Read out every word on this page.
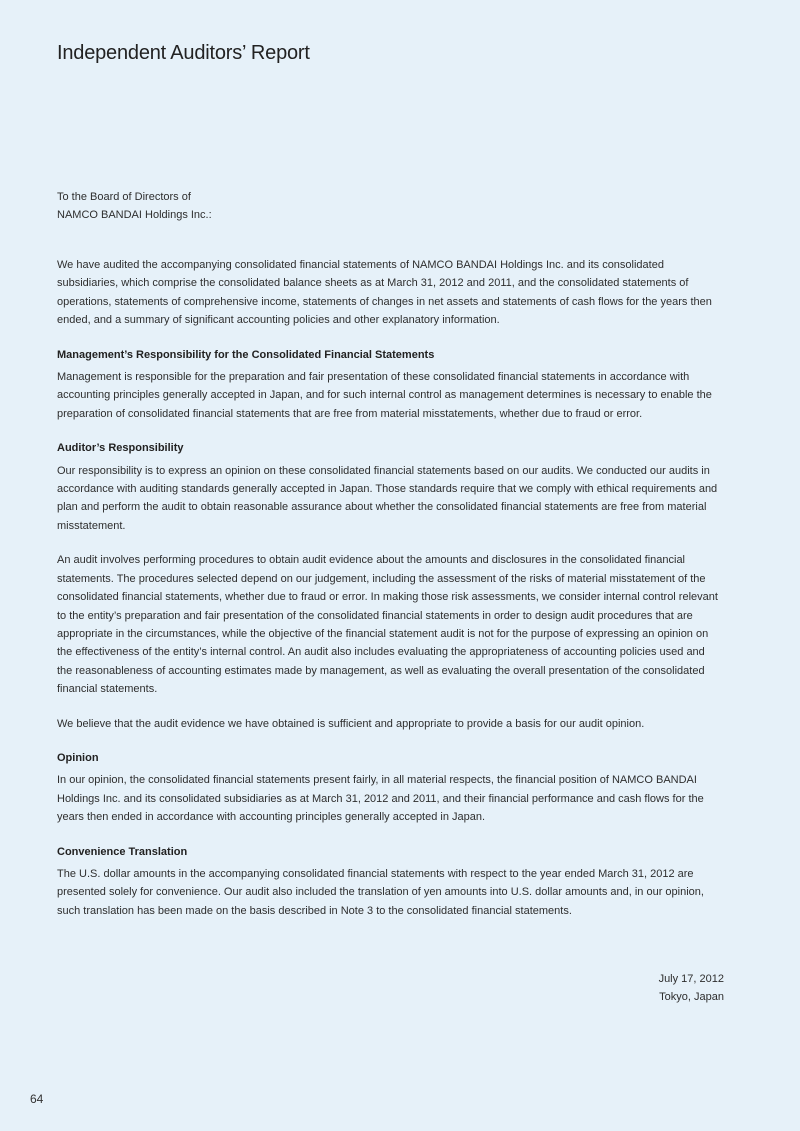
Independent Auditors’ Report
To the Board of Directors of
NAMCO BANDAI Holdings Inc.:

We have audited the accompanying consolidated financial statements of NAMCO BANDAI Holdings Inc. and its consolidated subsidiaries, which comprise the consolidated balance sheets as at March 31, 2012 and 2011, and the consolidated statements of operations, statements of comprehensive income, statements of changes in net assets and statements of cash flows for the years then ended, and a summary of significant accounting policies and other explanatory information.

Management’s Responsibility for the Consolidated Financial Statements

Management is responsible for the preparation and fair presentation of these consolidated financial statements in accordance with accounting principles generally accepted in Japan, and for such internal control as management determines is necessary to enable the preparation of consolidated financial statements that are free from material misstatements, whether due to fraud or error.

Auditor’s Responsibility

Our responsibility is to express an opinion on these consolidated financial statements based on our audits. We conducted our audits in accordance with auditing standards generally accepted in Japan. Those standards require that we comply with ethical requirements and plan and perform the audit to obtain reasonable assurance about whether the consolidated financial statements are free from material misstatement.

An audit involves performing procedures to obtain audit evidence about the amounts and disclosures in the consolidated financial statements. The procedures selected depend on our judgement, including the assessment of the risks of material misstatement of the consolidated financial statements, whether due to fraud or error. In making those risk assessments, we consider internal control relevant to the entity’s preparation and fair presentation of the consolidated financial statements in order to design audit procedures that are appropriate in the circumstances, while the objective of the financial statement audit is not for the purpose of expressing an opinion on the effectiveness of the entity’s internal control. An audit also includes evaluating the appropriateness of accounting policies used and the reasonableness of accounting estimates made by management, as well as evaluating the overall presentation of the consolidated financial statements.

We believe that the audit evidence we have obtained is sufficient and appropriate to provide a basis for our audit opinion.

Opinion

In our opinion, the consolidated financial statements present fairly, in all material respects, the financial position of NAMCO BANDAI Holdings Inc. and its consolidated subsidiaries as at March 31, 2012 and 2011, and their financial performance and cash flows for the years then ended in accordance with accounting principles generally accepted in Japan.

Convenience Translation

The U.S. dollar amounts in the accompanying consolidated financial statements with respect to the year ended March 31, 2012 are presented solely for convenience. Our audit also included the translation of yen amounts into U.S. dollar amounts and, in our opinion, such translation has been made on the basis described in Note 3 to the consolidated financial statements.

July 17, 2012
Tokyo, Japan
64
